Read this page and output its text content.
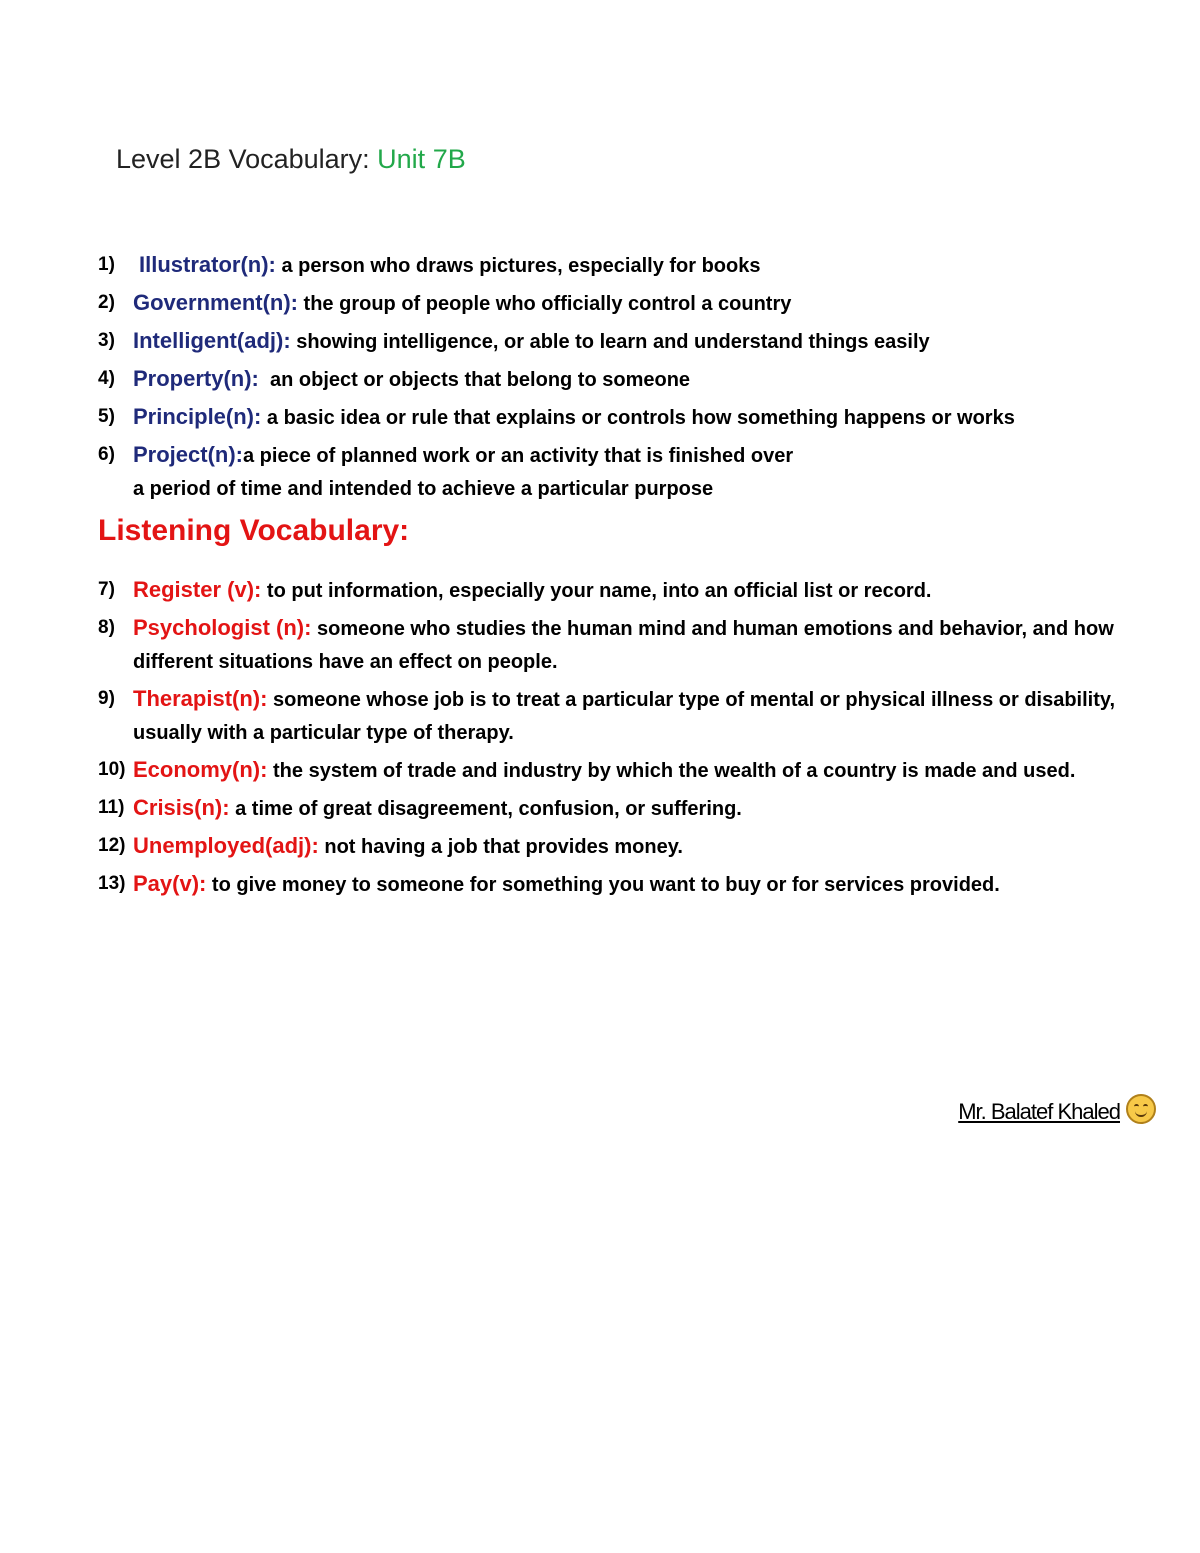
Level 2B Vocabulary: Unit 7B
1)	Illustrator(n): a person who draws pictures, especially for books
2) Government(n): the group of people who officially control a country
3) Intelligent(adj): showing intelligence, or able to learn and understand things easily
4) Property(n):  an object or objects that belong to someone
5) Principle(n): a basic idea or rule that explains or controls how something happens or works
6) Project(n):a piece of planned work or an activity that is finished over
a period of time and intended to achieve a particular purpose
Listening Vocabulary:
7) Register (v): to put information, especially your name, into an official list or record.
8) Psychologist (n): someone who studies the human mind and human emotions and behavior, and how
different situations have an effect on people.
9) Therapist(n): someone whose job is to treat a particular type of mental or physical illness or disability,
usually with a particular type of therapy.
10) Economy(n): the system of trade and industry by which the wealth of a country is made and used.
11) Crisis(n): a time of great disagreement, confusion, or suffering.
12) Unemployed(adj): not having a job that provides money.
13) Pay(v): to give money to someone for something you want to buy or for services provided.
Mr. Balatef Khaled
